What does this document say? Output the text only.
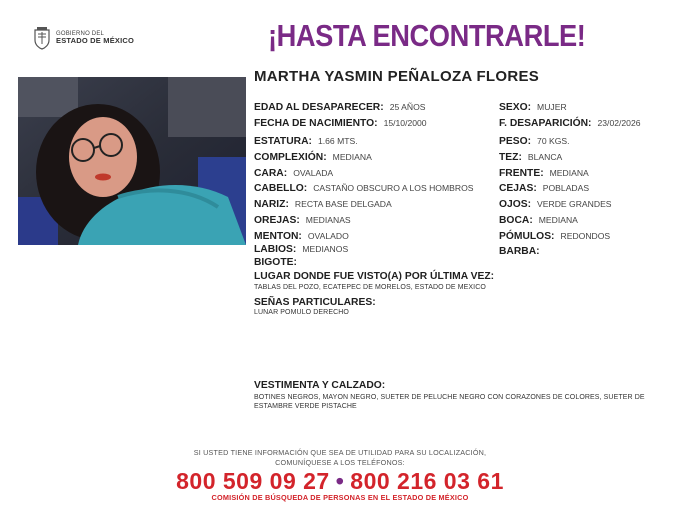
GOBIERNO DEL
ESTADO DE MÉXICO	¡HASTA ENCONTRARLE!
MARTHA YASMIN PEÑALOZA FLORES
EDAD AL DESAPARECER: 25 AÑOS
FECHA DE NACIMIENTO: 15/10/2000
ESTATURA: 1.66 MTS.
COMPLEXIÓN: MEDIANA
CARA: OVALADA
CABELLO: CASTAÑO OBSCURO A LOS HOMBROS
NARIZ: RECTA BASE DELGADA
OREJAS: MEDIANAS
MENTON: OVALADO
LABIOS: MEDIANOS
BIGOTE:
SEXO: MUJER
F. DESAPARICIÓN: 23/02/2026
PESO: 70 KGS.
TEZ: BLANCA
FRENTE: MEDIANA
CEJAS: POBLADAS
OJOS: VERDE GRANDES
BOCA: MEDIANA
PÓMULOS: REDONDOS
BARBA:
LUGAR DONDE FUE VISTO(A) POR ÚLTIMA VEZ:
TABLAS DEL POZO, ECATEPEC DE MORELOS, ESTADO DE MEXICO
SEÑAS PARTICULARES:
LUNAR POMULO DERECHO
VESTIMENTA Y CALZADO:
BOTINES NEGROS, MAYON NEGRO, SUETER DE PELUCHE NEGRO CON CORAZONES DE COLORES, SUETER DE ESTAMBRE VERDE PISTACHE
SI USTED TIENE INFORMACIÓN QUE SEA DE UTILIDAD PARA SU LOCALIZACIÓN,
COMUNÍQUESE A LOS TELÉFONOS:
800 509 09 27 • 800 216 03 61
COMISIÓN DE BÚSQUEDA DE PERSONAS EN EL ESTADO DE MÉXICO
